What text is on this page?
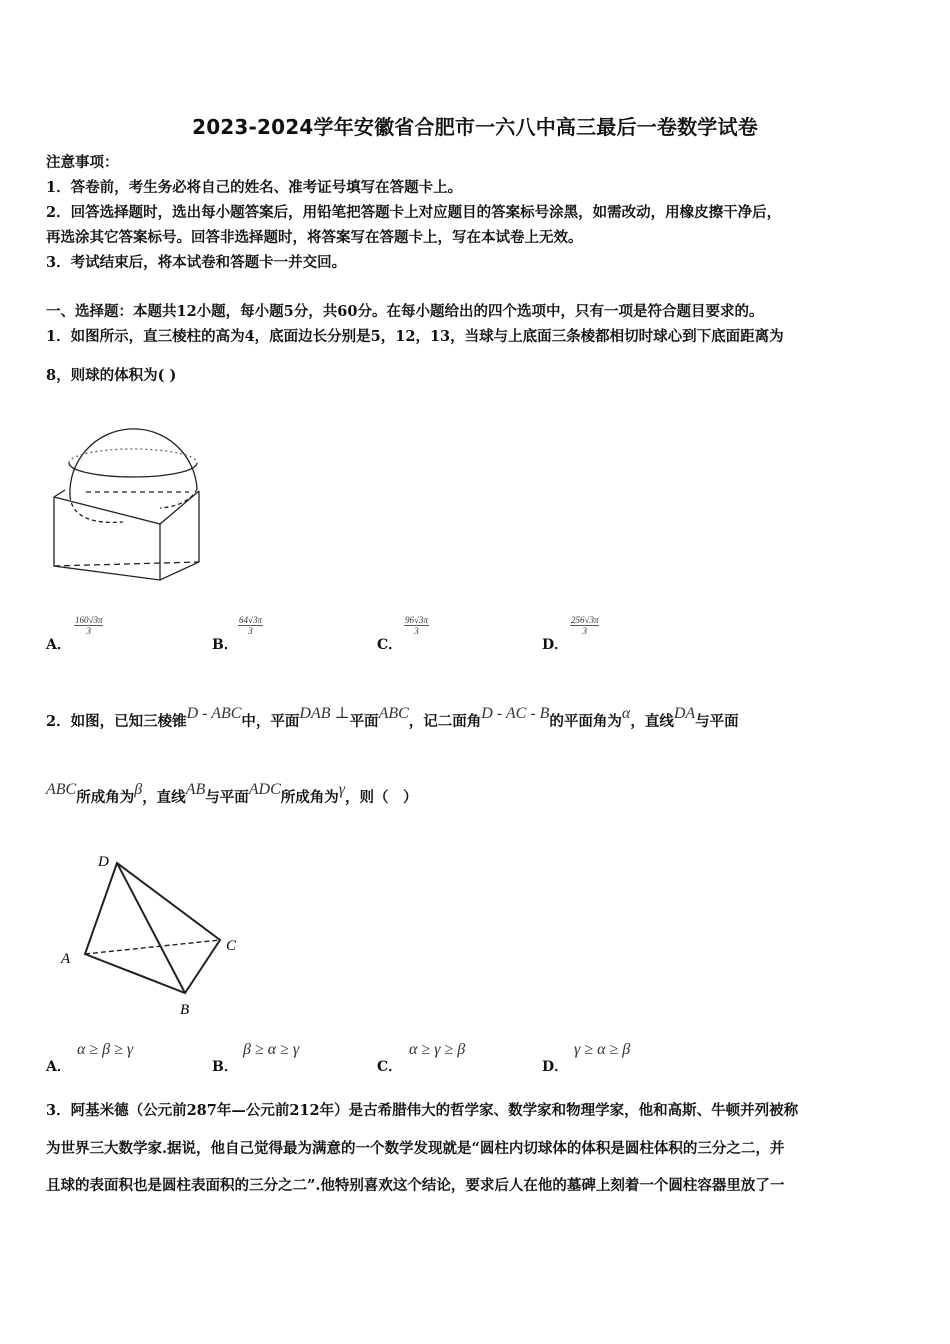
2023-2024学年安徽省合肥市一六八中高三最后一卷数学试卷
注意事项：
1．答卷前，考生务必将自己的姓名、准考证号填写在答题卡上。
2．回答选择题时，选出每小题答案后，用铅笔把答题卡上对应题目的答案标号涂黑，如需改动，用橡皮擦干净后，
再选涂其它答案标号。回答非选择题时，将答案写在答题卡上，写在本试卷上无效。
3．考试结束后，将本试卷和答题卡一并交回。
一、选择题：本题共12小题，每小题5分，共60分。在每小题给出的四个选项中，只有一项是符合题目要求的。
1．如图所示，直三棱柱的高为4，底面边长分别是5，12，13，当球与上底面三条棱都相切时球心到下底面距离为
8，则球的体积为( )
A．
$\frac{160√3\pi}{3}$
B．
$\frac{64√3\pi}{3}$
C．
$\frac{96√3\pi}{3}$
D．
$\frac{256√3\pi}{3}$
2．如图，已知三棱锥D - ABC中，平面DAB ⊥平面ABC，记二面角D - AC - B的平面角为α，直线DA与平面
ABC所成角为β，直线AB与平面ADC所成角为γ，则（　）
D
A
B
C
A．
α ≥ β ≥ γ
B．
β ≥ α ≥ γ
C．
α ≥ γ ≥ β
D．
γ ≥ α ≥ β
3．阿基米德（公元前287年—公元前212年）是古希腊伟大的哲学家、数学家和物理学家，他和高斯、牛顿并列被称
为世界三大数学家.据说，他自己觉得最为满意的一个数学发现就是“圆柱内切球体的体积是圆柱体积的三分之二，并
且球的表面积也是圆柱表面积的三分之二”.他特别喜欢这个结论，要求后人在他的墓碑上刻着一个圆柱容器里放了一
